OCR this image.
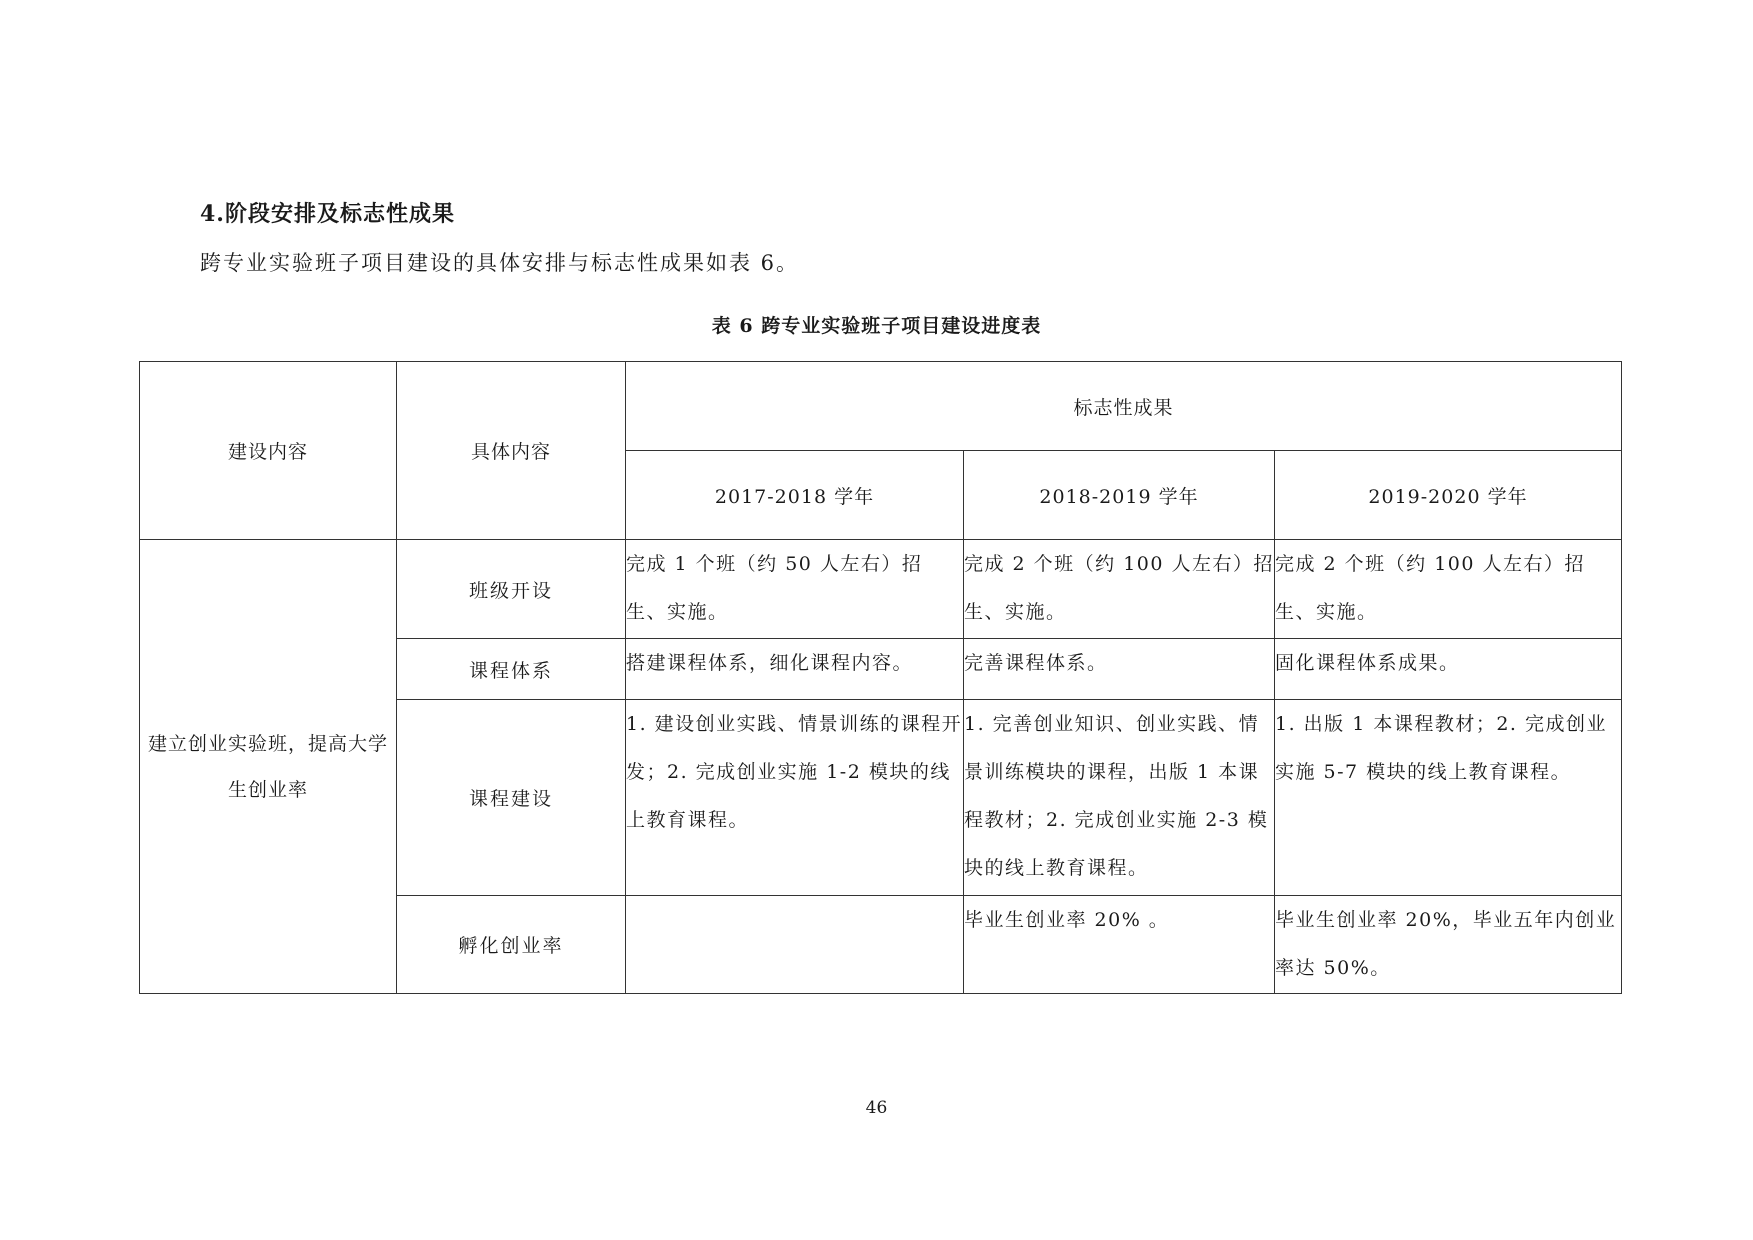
4.阶段安排及标志性成果
跨专业实验班子项目建设的具体安排与标志性成果如表 6。
表 6 跨专业实验班子项目建设进度表
建设内容	具体内容	标志性成果		
		2017-2018 学年	2018-2019 学年	2019-2020 学年
建立创业实验班，提高大学生创业率	班级开设	完成 1 个班（约 50 人左右）招生、实施。	完成 2 个班（约 100 人左右）招生、实施。	完成 2 个班（约 100 人左右）招生、实施。
	课程体系	搭建课程体系，细化课程内容。	完善课程体系。	固化课程体系成果。
	课程建设	1. 建设创业实践、情景训练的课程开发；2. 完成创业实施 1-2 模块的线上教育课程。	1. 完善创业知识、创业实践、情景训练模块的课程，出版 1 本课程教材；2. 完成创业实施 2-3 模块的线上教育课程。	1. 出版 1 本课程教材；2. 完成创业实施 5-7 模块的线上教育课程。
	孵化创业率		毕业生创业率 20% 。	毕业生创业率 20%，毕业五年内创业率达 50%。
46
